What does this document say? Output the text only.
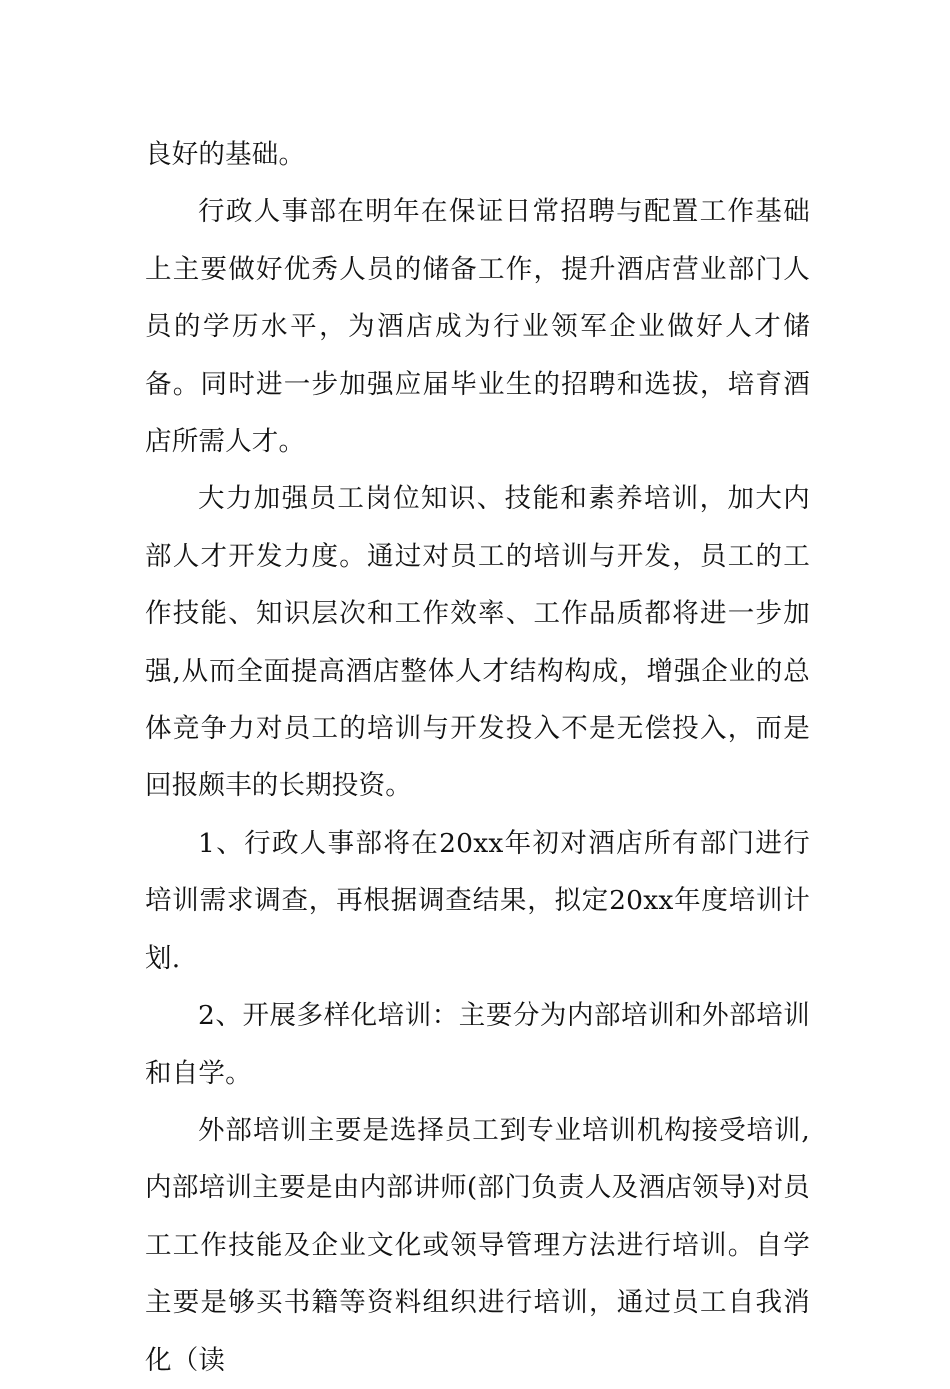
良好的基础。

行政人事部在明年在保证日常招聘与配置工作基础上主要做好优秀人员的储备工作，提升酒店营业部门人员的学历水平，为酒店成为行业领军企业做好人才储备。同时进一步加强应届毕业生的招聘和选拔，培育酒店所需人才。

大力加强员工岗位知识、技能和素养培训，加大内部人才开发力度。通过对员工的培训与开发，员工的工作技能、知识层次和工作效率、工作品质都将进一步加强,从而全面提高酒店整体人才结构构成，增强企业的总体竞争力对员工的培训与开发投入不是无偿投入，而是回报颇丰的长期投资。

1、行政人事部将在20xx年初对酒店所有部门进行培训需求调查，再根据调查结果，拟定20xx年度培训计划.

2、开展多样化培训：主要分为内部培训和外部培训和自学。

外部培训主要是选择员工到专业培训机构接受培训,内部培训主要是由内部讲师(部门负责人及酒店领导)对员工工作技能及企业文化或领导管理方法进行培训。自学主要是够买书籍等资料组织进行培训，通过员工自我消化（读
